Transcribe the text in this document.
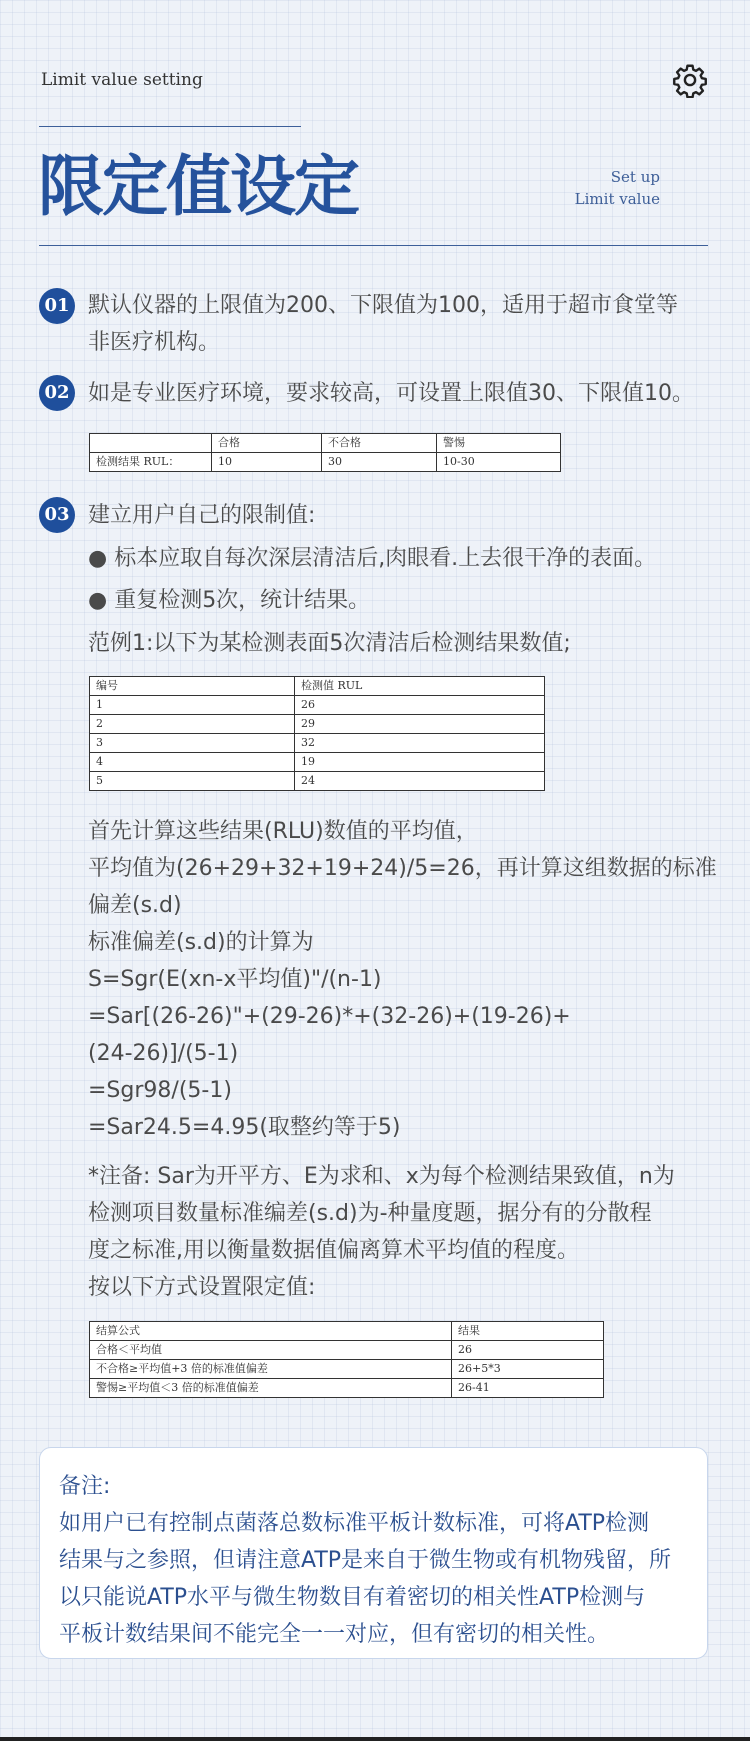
Limit value setting
限定值设定	Set up
Limit value
01 默认仪器的上限值为200、下限值为100，适用于超市食堂等
非医疗机构。
02 如是专业医疗环境，要求较高，可设置上限值30、下限值10。
	合格	不合格	警惕
检测结果 RUL：	10	30	10-30
03 建立用户自己的限制值:
● 标本应取自每次深层清洁后,肉眼看.上去很干净的表面。
● 重复检测5次，统计结果。
范例1:以下为某检测表面5次清洁后检测结果数值;
编号	检测值 RUL
1	26
2	29
3	32
4	19
5	24
首先计算这些结果(RLU)数值的平均值，
平均值为(26+29+32+19+24)/5=26，再计算这组数据的标准
偏差(s.d)
标准偏差(s.d)的计算为
S=Sgr(E(xn-x平均值)"/(n-1)
=Sar[(26-26)"+(29-26)*+(32-26)+(19-26)+
(24-26)]/(5-1)
=Sgr98/(5-1)
=Sar24.5=4.95(取整约等于5)
*注备: Sar为开平方、E为求和、x为每个检测结果致值，n为
检测项目数量标准编差(s.d)为-种量度题，据分有的分散程
度之标准,用以衡量数据值偏离算术平均值的程度。
按以下方式设置限定值:
结算公式	结果
合格＜平均值	26
不合格≥平均值+3 倍的标准值偏差	26+5*3
警惕≥平均值＜3 倍的标准值偏差	26-41
备注:
如用户已有控制点菌落总数标准平板计数标准，可将ATP检测
结果与之参照，但请注意ATP是来自于微生物或有机物残留，所
以只能说ATP水平与微生物数目有着密切的相关性ATP检测与
平板计数结果间不能完全一一对应，但有密切的相关性。
